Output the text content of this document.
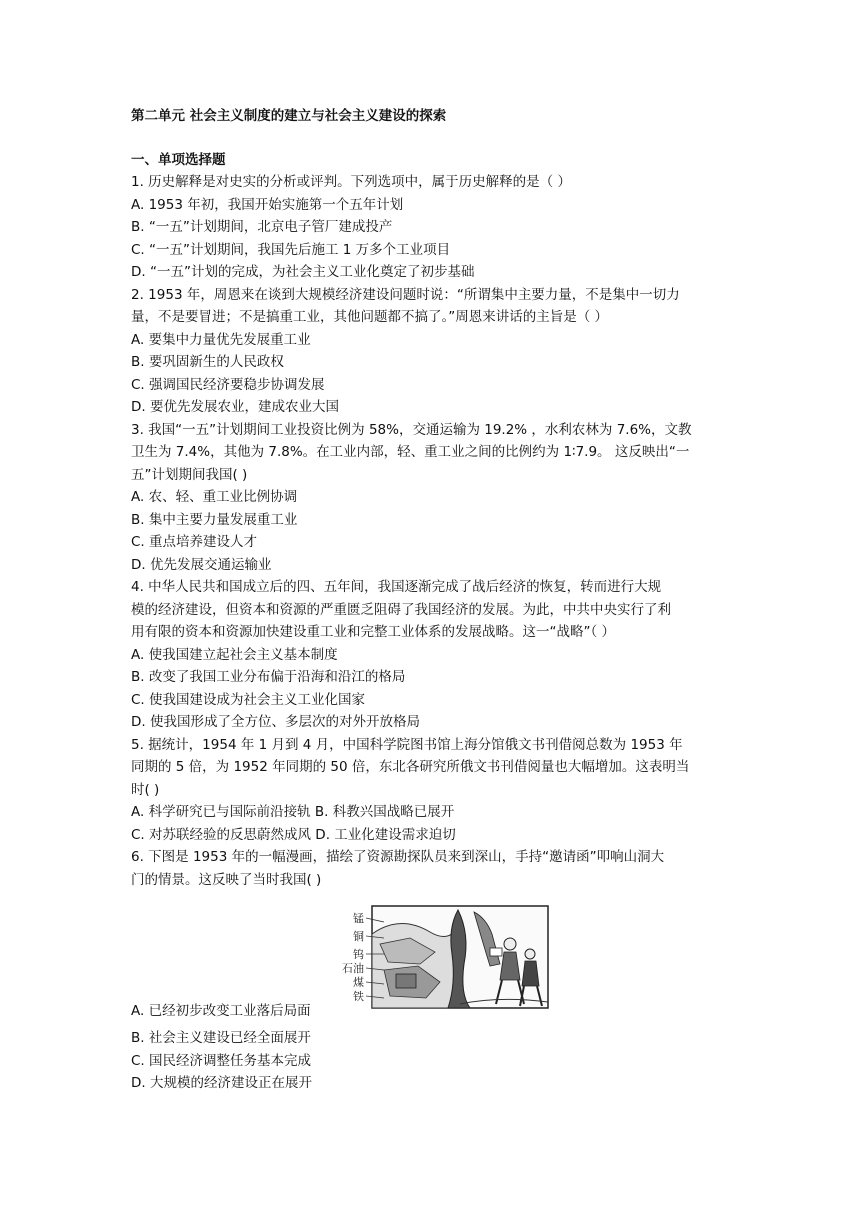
第二单元 社会主义制度的建立与社会主义建设的探索
一、单项选择题
1. 历史解释是对史实的分析或评判。下列选项中，属于历史解释的是（ ）
A. 1953 年初，我国开始实施第一个五年计划
B. “一五”计划期间，北京电子管厂建成投产
C. “一五”计划期间，我国先后施工 1 万多个工业项目
D. “一五”计划的完成，为社会主义工业化奠定了初步基础
2. 1953 年，周恩来在谈到大规模经济建设问题时说：“所谓集中主要力量，不是集中一切力
量，不是要冒进；不是搞重工业，其他问题都不搞了。”周恩来讲话的主旨是（ ）
A. 要集中力量优先发展重工业
B. 要巩固新生的人民政权
C. 强调国民经济要稳步协调发展
D. 要优先发展农业，建成农业大国
3. 我国“一五”计划期间工业投资比例为 58%，交通运输为 19.2% ，水利农林为 7.6%，文教
卫生为 7.4%，其他为 7.8%。在工业内部，轻、重工业之间的比例约为 1∶7.9。 这反映出“一
五”计划期间我国( )
A. 农、轻、重工业比例协调
B. 集中主要力量发展重工业
C. 重点培养建设人才
D. 优先发展交通运输业
4. 中华人民共和国成立后的四、五年间，我国逐渐完成了战后经济的恢复，转而进行大规
模的经济建设，但资本和资源的严重匮乏阻碍了我国经济的发展。为此，中共中央实行了利
用有限的资本和资源加快建设重工业和完整工业体系的发展战略。这一“战略”（ ）
A. 使我国建立起社会主义基本制度
B. 改变了我国工业分布偏于沿海和沿江的格局
C. 使我国建设成为社会主义工业化国家
D. 使我国形成了全方位、多层次的对外开放格局
5. 据统计，1954 年 1 月到 4 月，中国科学院图书馆上海分馆俄文书刊借阅总数为 1953 年
同期的 5 倍，为 1952 年同期的 50 倍，东北各研究所俄文书刊借阅量也大幅增加。这表明当
时( )
A. 科学研究已与国际前沿接轨 B. 科教兴国战略已展开
C. 对苏联经验的反思蔚然成风 D. 工业化建设需求迫切
6. 下图是 1953 年的一幅漫画，描绘了资源勘探队员来到深山，手持“邀请函”叩响山洞大
门的情景。这反映了当时我国( )
锰
铜
钨
石油
煤
铁
A. 已经初步改变工业落后局面
B. 社会主义建设已经全面展开
C. 国民经济调整任务基本完成
D. 大规模的经济建设正在展开
